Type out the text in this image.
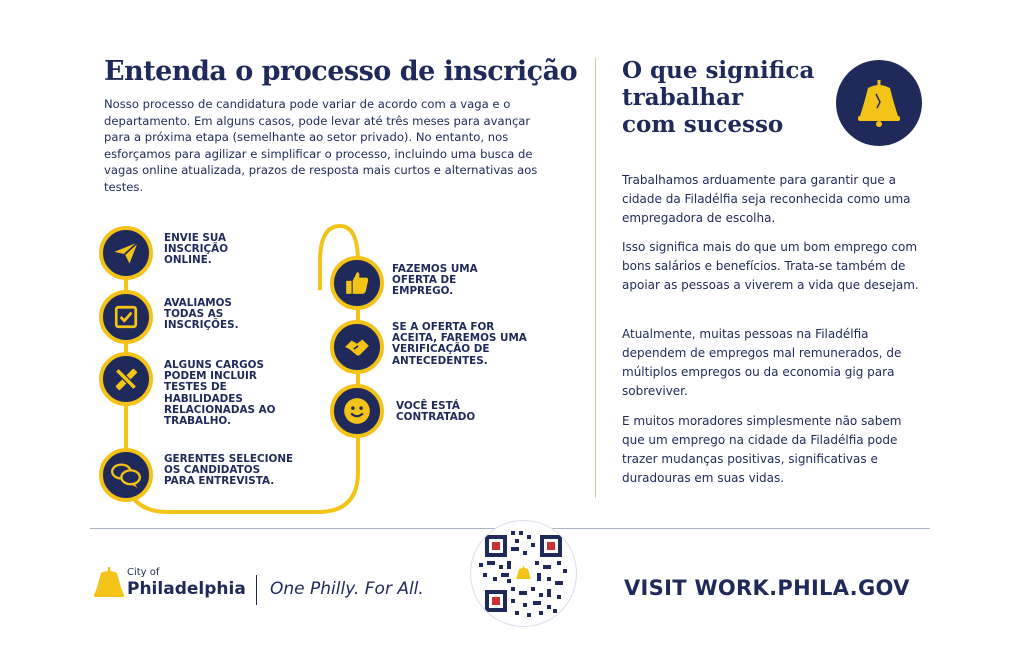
Entenda o processo de inscrição
Nosso processo de candidatura pode variar de acordo com a vaga e o departamento. Em alguns casos, pode levar até três meses para avançar para a próxima etapa (semelhante ao setor privado). No entanto, nos esforçamos para agilizar e simplificar o processo, incluindo uma busca de vagas online atualizada, prazos de resposta mais curtos e alternativas aos testes.
ENVIE SUA INSCRIÇÃO ONLINE.
AVALIAMOS TODAS AS INSCRIÇÕES.
ALGUNS CARGOS PODEM INCLUIR TESTES DE HABILIDADES RELACIONADAS AO TRABALHO.
GERENTES SELECIONE OS CANDIDATOS PARA ENTREVISTA.
FAZEMOS UMA OFERTA DE EMPREGO.
SE A OFERTA FOR ACEITA, FAREMOS UMA VERIFICAÇÃO DE ANTECEDENTES.
VOCÊ ESTÁ CONTRATADO
O que significa
trabalhar
com sucesso
Trabalhamos arduamente para garantir que a cidade da Filadélfia seja reconhecida como uma empregadora de escolha.
Isso significa mais do que um bom emprego com bons salários e benefícios. Trata-se também de apoiar as pessoas a viverem a vida que desejam.
Atualmente, muitas pessoas na Filadélfia dependem de empregos mal remunerados, de múltiplos empregos ou da economia gig para sobreviver.
E muitos moradores simplesmente não sabem que um emprego na cidade da Filadélfia pode trazer mudanças positivas, significativas e duradouras em suas vidas.
City of
Philadelphia One Philly. For All.	VISIT WORK.PHILA.GOV
